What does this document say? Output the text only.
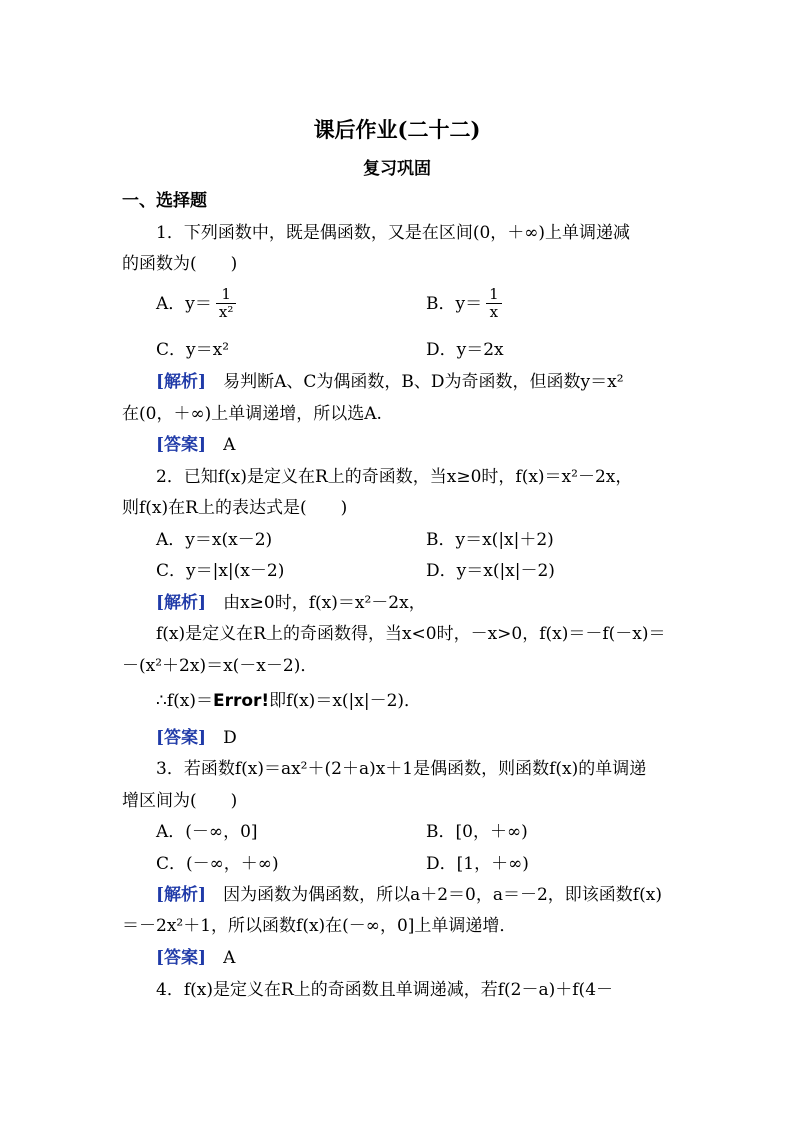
课后作业(二十二)
复习巩固
一、选择题
1．下列函数中，既是偶函数，又是在区间(0，＋∞)上单调递减
的函数为(　　)
A．$y= \frac{1}{\text{x²}}$	B．$y= \frac{1}{x}$
C．y＝x²	D．y＝2x
[解析]　易判断A、C为偶函数，B、D为奇函数，但函数y＝x²
在(0，＋∞)上单调递增，所以选A.
[答案]　A
2．已知f(x)是定义在R上的奇函数，当x≥0时，f(x)＝x²－2x，
则f(x)在R上的表达式是(　　)
A．y＝x(x－2)	B．y＝x(|x|＋2)
C．y＝|x|(x－2)	D．y＝x(|x|－2)
[解析]　由x≥0时，f(x)＝x²－2x，
f(x)是定义在R上的奇函数得，当x<0时，－x>0，f(x)＝－f(－x)＝
－(x²＋2x)＝x(－x－2)．
∴f(x)＝Error!即f(x)＝x(|x|－2)．
[答案]　D
3．若函数f(x)＝ax²＋(2＋a)x＋1是偶函数，则函数f(x)的单调递
增区间为(　　)
A．(－∞，0]	B．[0，＋∞)
C．(－∞，＋∞)	D．[1，＋∞)
[解析]　因为函数为偶函数，所以a＋2＝0，a＝－2，即该函数f(x)
＝－2x²＋1，所以函数f(x)在(－∞，0]上单调递增．
[答案]　A
4．f(x)是定义在R上的奇函数且单调递减，若f(2－a)＋f(4－
